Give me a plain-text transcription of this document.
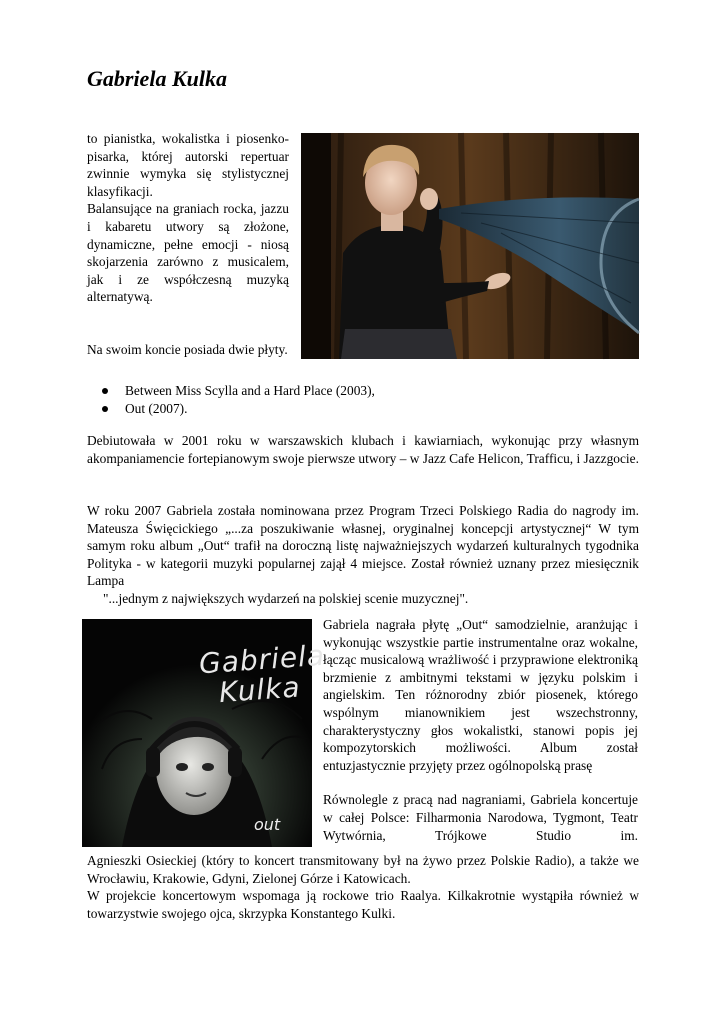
Gabriela Kulka

to pianistka, wokalistka i piosenko-pisarka, której autorski repertuar zwinnie wymyka się stylistycznej klasyfikacji.

Balansujące na graniach rocka, jazzu i kabaretu utwory są złożone, dynamiczne, pełne emocji - niosą skojarzenia zarówno z musicalem, jak i ze współczesną muzyką alternatywą.

Na swoim koncie posiada dwie płyty.

Between Miss Scylla and a Hard Place (2003),
Out (2007).

Debiutowała w 2001 roku w warszawskich klubach i kawiarniach, wykonując przy własnym akompaniamencie fortepianowym swoje pierwsze utwory – w Jazz Cafe Helicon, Trafficu, i Jazzgocie.

W roku 2007 Gabriela została nominowana przez Program Trzeci Polskiego Radia do nagrody im. Mateusza Święcickiego „...za poszukiwanie własnej, oryginalnej koncepcji artystycznej“ W tym samym roku album „Out“ trafił na doroczną listę najważniejszych wydarzeń kulturalnych tygodnika Polityka - w kategorii muzyki popularnej zajął 4 miejsce. Został również uznany przez miesięcznik Lampa

"...jednym z największych wydarzeń na polskiej scenie muzycznej".

Gabriela
Kulka
out

Gabriela nagrała płytę „Out“ samodzielnie, aranżując i wykonując wszystkie partie instrumentalne oraz wokalne, łącząc musicalową wrażliwość i przyprawione elektroniką brzmienie z ambitnymi tekstami w języku polskim i angielskim. Ten różnorodny zbiór piosenek, którego wspólnym mianownikiem jest wszechstronny, charakterystyczny głos wokalistki, stanowi popis jej kompozytorskich możliwości. Album został entuzjastycznie przyjęty przez ogólnopolską prasę

Równolegle z pracą nad nagraniami, Gabriela koncertuje w całej Polsce: Filharmonia Narodowa, Tygmont, Teatr Wytwórnia, Trójkowe Studio im.

Agnieszki Osieckiej (który to koncert transmitowany był na żywo przez Polskie Radio), a także we Wrocławiu, Krakowie, Gdyni, Zielonej Górze i Katowicach.

W projekcie koncertowym wspomaga ją rockowe trio Raalya. Kilkakrotnie wystąpiła również w towarzystwie swojego ojca, skrzypka Konstantego Kulki.
